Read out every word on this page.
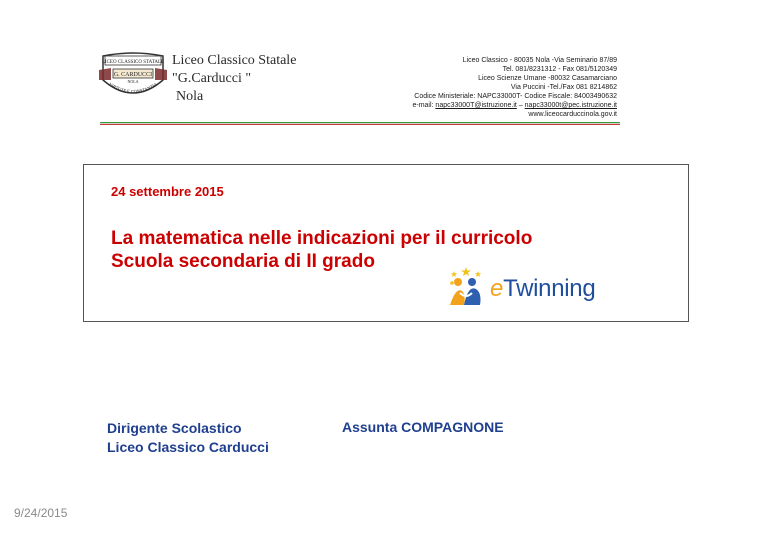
LICEO CLASSICO STATALE
G. CARDUCCI
NOLA
VIRTUTE E CONSTANTIA
Liceo Classico Statale
"G.Carducci "
Nola
Liceo Classico - 80035 Nola -Via Seminario 87/89
Tel. 081/8231312 - Fax 081/5120349
Liceo Scienze Umane -80032 Casamarciano
Via Puccini -Tel./Fax 081 8214862
Codice Ministeriale: NAPC33000T- Codice Fiscale: 84003490632
e-mail: napc33000T@istruzione.it – napc33000t@pec.istruzione.it
www.liceocarduccinola.gov.it
24 settembre 2015
La matematica nelle indicazioni per il curricolo
Scuola secondaria di II grado
eTwinning
Dirigente Scolastico
Liceo Classico Carducci
Assunta COMPAGNONE
9/24/2015
